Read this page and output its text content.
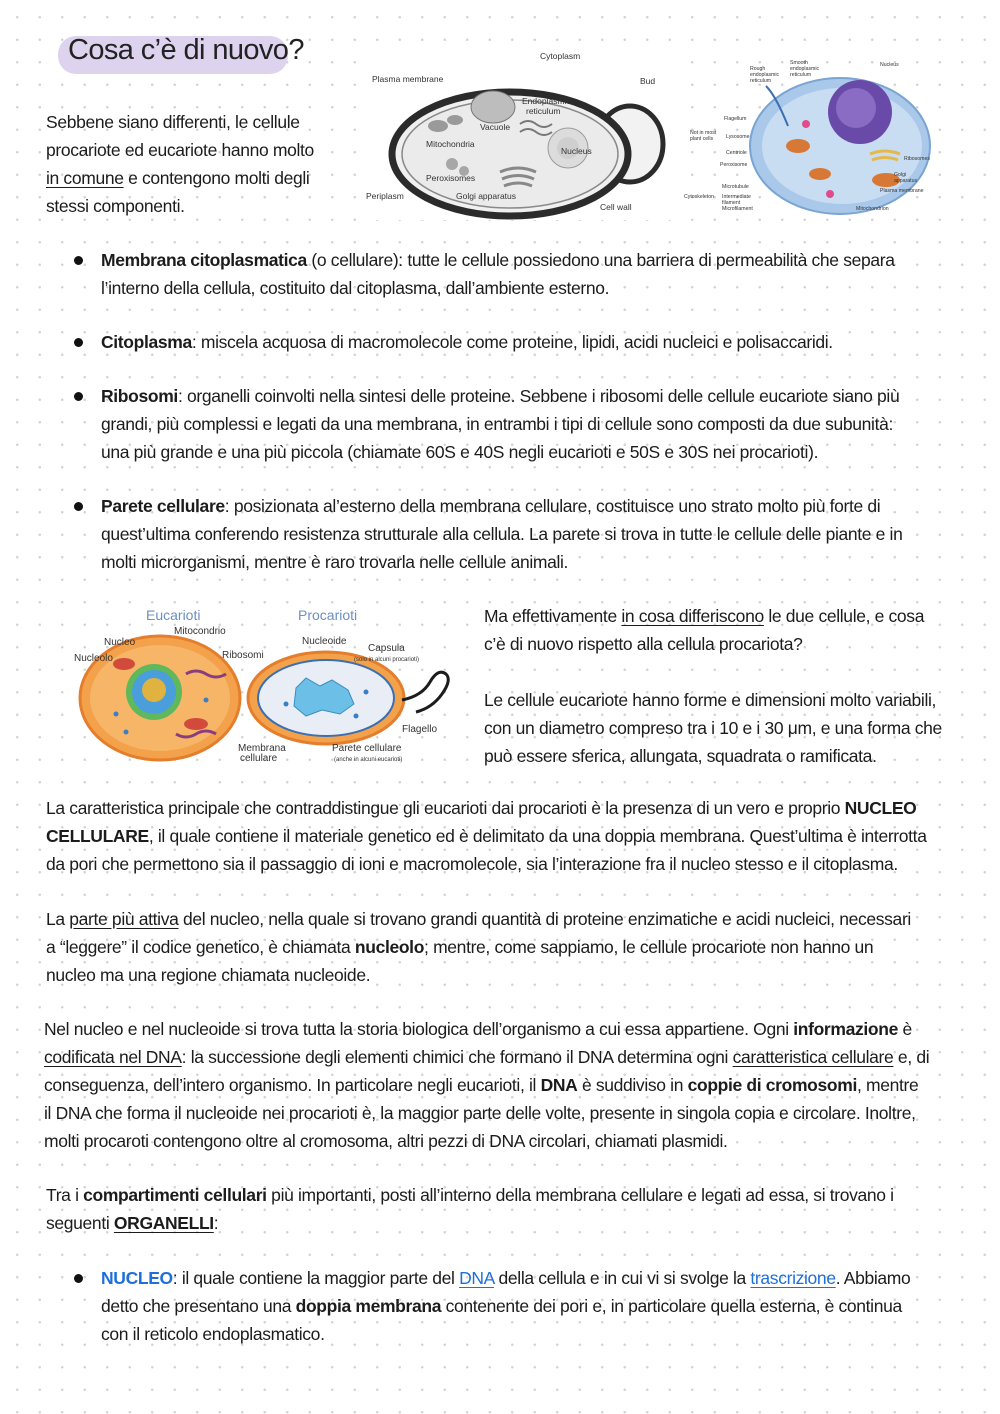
Cosa c’è di nuovo?
Sebbene siano differenti, le cellule
procariote ed eucariote hanno molto
in comune e contengono molti degli
stessi componenti.
Cytoplasm
Plasma membrane	Bud
Endoplasmic
reticulum
Vacuole
Mitochondria
Nucleus
Peroxisomes
Periplasm	Golgi apparatus
Cell wall
Rough
endoplasmic
reticulum
Smooth
endoplasmic
reticulum
Nucleus
Flagellum
Not in most
plant cells Lysosome
Centriole
Peroxisome
Ribosomes
Golgi
apparatus
Cytoskeleton
Microtubule
Intermediate
filament
Microfilament
Plasma membrane
Mitochondrion
Membrana citoplasmatica (o cellulare): tutte le cellule possiedono una barriera di permeabilità che separa
l’interno della cellula, costituito dal citoplasma, dall’ambiente esterno.
Citoplasma: miscela acquosa di macromolecole come proteine, lipidi, acidi nucleici e polisaccaridi.
Ribosomi: organelli coinvolti nella sintesi delle proteine. Sebbene i ribosomi delle cellule eucariote siano più
grandi, più complessi e legati da una membrana, in entrambi i tipi di cellule sono composti da due subunità:
una più grande e una più piccola (chiamate 60S e 40S negli eucarioti e 50S e 30S nei procarioti).
Parete cellulare: posizionata al’esterno della membrana cellulare, costituisce uno strato molto più forte di
quest’ultima conferendo resistenza strutturale alla cellula. La parete si trova in tutte le cellule delle piante e in
molti microrganismi, mentre è raro trovarla nelle cellule animali.
Eucarioti	Procarioti
Mitocondrio
Nucleo
Nucleolo	Ribosomi
Nucleoide
Capsula
(solo in alcuni procarioti)
Flagello
Membrana
cellulare
Parete cellulare
(anche in alcuni eucarioti)
Ma effettivamente in cosa differiscono le due cellule, e cosa
c’è di nuovo rispetto alla cellula procariota?
Le cellule eucariote hanno forme e dimensioni molto variabili,
con un diametro compreso tra i 10 e i 30 μm, e una forma che
può essere sferica, allungata, squadrata o ramificata.
La caratteristica principale che contraddistingue gli eucarioti dai procarioti è la presenza di un vero e proprio NUCLEO
CELLULARE, il quale contiene il materiale genetico ed è delimitato da una doppia membrana. Quest’ultima è interrotta
da pori che permettono sia il passaggio di ioni e macromolecole, sia l’interazione fra il nucleo stesso e il citoplasma.
La parte più attiva del nucleo, nella quale si trovano grandi quantità di proteine enzimatiche e acidi nucleici, necessari
a “leggere” il codice genetico, è chiamata nucleolo; mentre, come sappiamo, le cellule procariote non hanno un
nucleo ma una regione chiamata nucleoide.
Nel nucleo e nel nucleoide si trova tutta la storia biologica dell’organismo a cui essa appartiene. Ogni informazione è
codificata nel DNA: la successione degli elementi chimici che formano il DNA determina ogni caratteristica cellulare e, di
conseguenza, dell’intero organismo. In particolare negli eucarioti, il DNA è suddiviso in coppie di cromosomi, mentre
il DNA che forma il nucleoide nei procarioti è, la maggior parte delle volte, presente in singola copia e circolare. Inoltre,
molti procaroti contengono oltre al cromosoma, altri pezzi di DNA circolari, chiamati plasmidi.
Tra i compartimenti cellulari più importanti, posti all’interno della membrana cellulare e legati ad essa, si trovano i
seguenti ORGANELLI:
NUCLEO: il quale contiene la maggior parte del DNA della cellula e in cui vi si svolge la trascrizione. Abbiamo
detto che presentano una doppia membrana contenente dei pori e, in particolare quella esterna, è continua
con il reticolo endoplasmatico.
